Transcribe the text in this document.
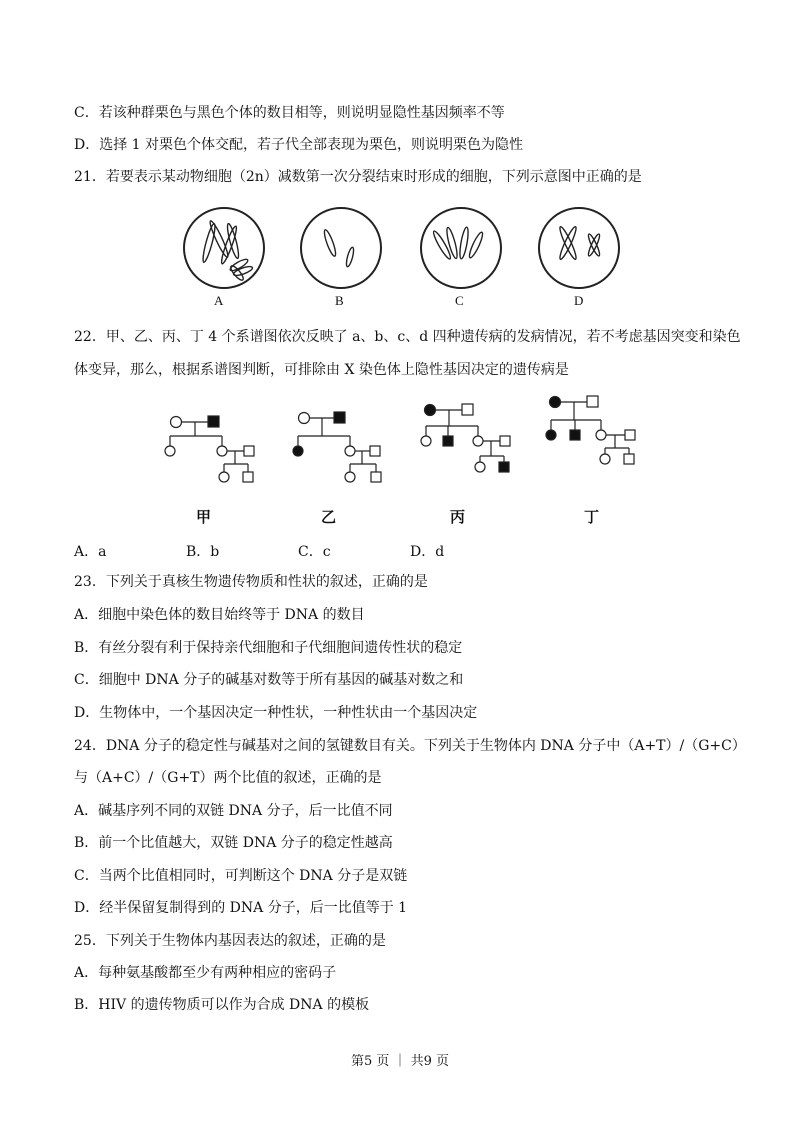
C．若该种群栗色与黑色个体的数目相等，则说明显隐性基因频率不等
D．选择 1 对栗色个体交配，若子代全部表现为栗色，则说明栗色为隐性
21．若要表示某动物细胞（2n）减数第一次分裂结束时形成的细胞，下列示意图中正确的是
A	B	C	D
22．甲、乙、丙、丁 4 个系谱图依次反映了 a、b、c、d 四种遗传病的发病情况，若不考虑基因突变和染色
体变异，那么，根据系谱图判断，可排除由 X 染色体上隐性基因决定的遗传病是
甲	乙	丙	丁
A．a	B．b	C．c	D．d
23．下列关于真核生物遗传物质和性状的叙述，正确的是
A．细胞中染色体的数目始终等于 DNA 的数目
B．有丝分裂有利于保持亲代细胞和子代细胞间遗传性状的稳定
C．细胞中 DNA 分子的碱基对数等于所有基因的碱基对数之和
D．生物体中，一个基因决定一种性状，一种性状由一个基因决定
24．DNA 分子的稳定性与碱基对之间的氢键数目有关。下列关于生物体内 DNA 分子中（A+T）/（G+C）
与（A+C）/（G+T）两个比值的叙述，正确的是
A．碱基序列不同的双链 DNA 分子，后一比值不同
B．前一个比值越大，双链 DNA 分子的稳定性越高
C．当两个比值相同时，可判断这个 DNA 分子是双链
D．经半保留复制得到的 DNA 分子，后一比值等于 1
25．下列关于生物体内基因表达的叙述，正确的是
A．每种氨基酸都至少有两种相应的密码子
B．HIV 的遗传物质可以作为合成 DNA 的模板
第5 页 ｜ 共9 页
